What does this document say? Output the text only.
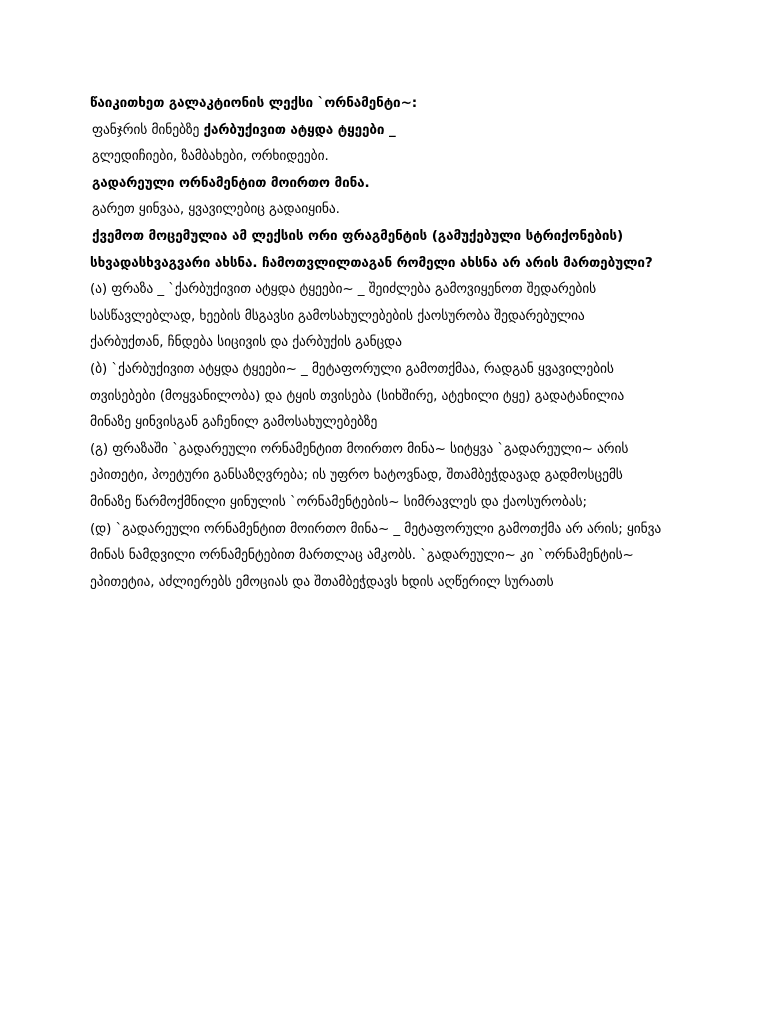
წაიკითხეთ გალაკტიონის ლექსი `ორნამენტი~:
ფანჯრის მინებზე ქარბუქივით ატყდა ტყეები _
გლედიჩიები, ზამბახები, ორხიდეები.
გადარეული ორნამენტით მოირთო მინა.
გარეთ ყინვაა, ყვავილებიც გადაიყინა.
ქვემოთ მოცემულია ამ ლექსის ორი ფრაგმენტის (გამუქებული სტრიქონების)
სხვადასხვაგვარი ახსნა. ჩამოთვლილთაგან რომელი ახსნა არ არის მართებული?
(ა) ფრაზა _ `ქარბუქივით ატყდა ტყეები~ _ შეიძლება გამოვიყენოთ შედარების
სასწავლებლად, ხეების მსგავსი გამოსახულებების ქაოსურობა შედარებულია
ქარბუქთან, ჩნდება სიცივის და ქარბუქის განცდა
(ბ) `ქარბუქივით ატყდა ტყეები~ _ მეტაფორული გამოთქმაა, რადგან ყვავილების
თვისებები (მოყვანილობა) და ტყის თვისება (სიხშირე, ატეხილი ტყე) გადატანილია
მინაზე ყინვისგან გაჩენილ გამოსახულებებზე
(გ) ფრაზაში `გადარეული ორნამენტით მოირთო მინა~ სიტყვა `გადარეული~ არის
ეპითეტი, პოეტური განსაზღვრება; ის უფრო ხატოვნად, შთამბეჭდავად გადმოსცემს
მინაზე წარმოქმნილი ყინულის `ორნამენტების~ სიმრავლეს და ქაოსურობას;
(დ) `გადარეული ორნამენტით მოირთო მინა~ _ მეტაფორული გამოთქმა არ არის; ყინვა
მინას ნამდვილი ორნამენტებით მართლაც ამკობს. `გადარეული~ კი `ორნამენტის~
ეპითეტია, აძლიერებს ემოციას და შთამბეჭდავს ხდის აღწერილ სურათს
